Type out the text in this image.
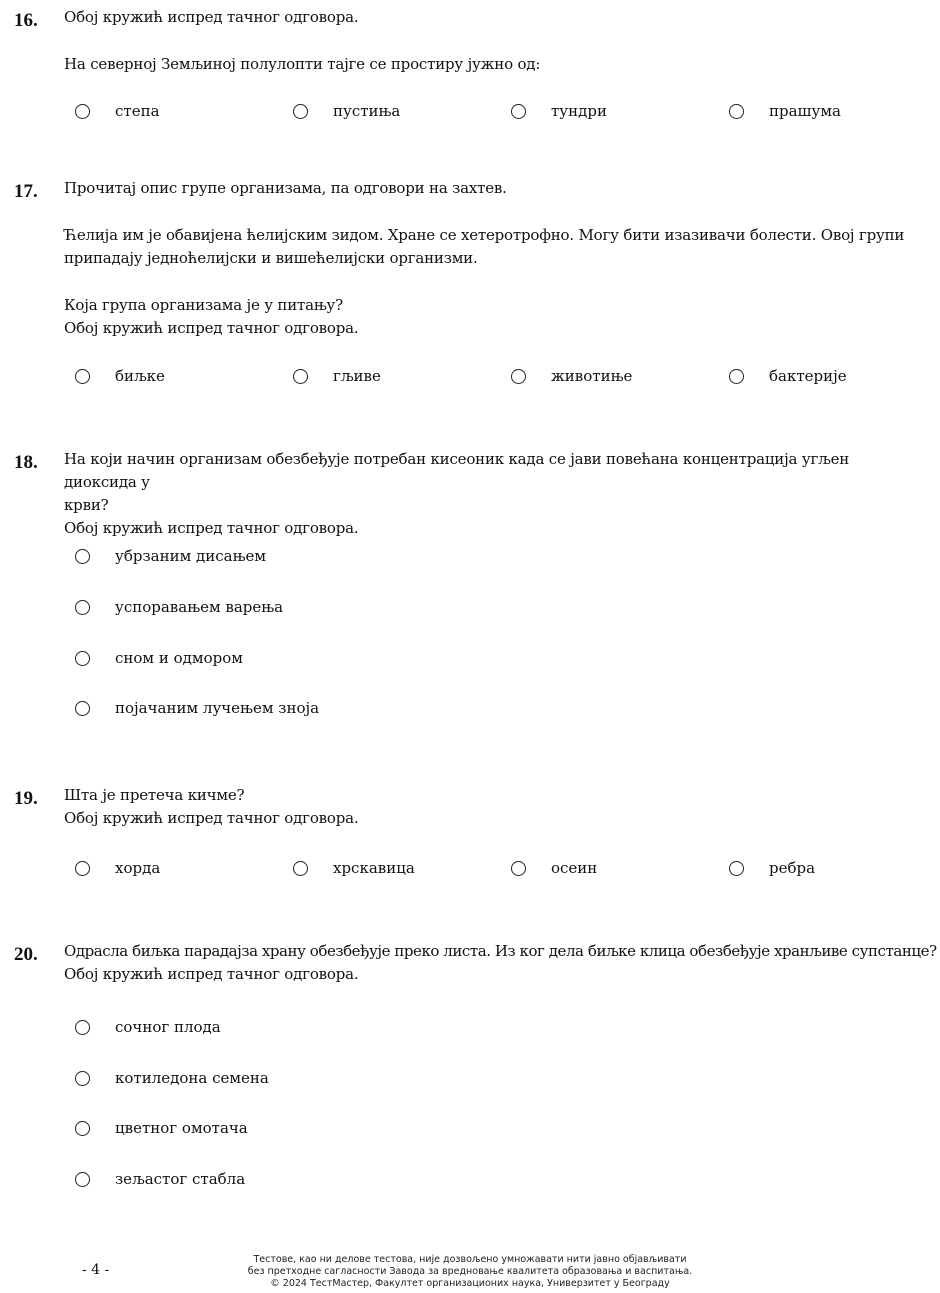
16. Обој кружић испред тачног одговора.
На северној Земљиној полулопти тајге се простиру јужно од:
степа	пустиња	тундри	прашума
17. Прочитај опис групе организама, па одговори на захтев.
Ћелија им је обавијена ћелијским зидом. Хране се хетеротрофно. Могу бити изазивачи болести. Овој групи
припадају једноћелијски и вишећелијски организми.
Која група организама је у питању?
Обој кружић испред тачног одговора.
биљке	гљиве	животиње	бактерије
18. На који начин организам обезбеђује потребан кисеоник када се јави повећана концентрација угљен диоксида у
крви?
Обој кружић испред тачног одговора.
убрзаним дисањем
успоравањем варења
сном и одмором
појачаним лучењем зноја
19. Шта је претеча кичме?
Обој кружић испред тачног одговора.
хорда	хрскавица	осеин	ребра
20. Одрасла биљка парадајза храну обезбеђује преко листа. Из ког дела биљке клица обезбеђује хранљиве супстанце?
Обој кружић испред тачног одговора.
сочног плода
котиледона семена
цветног омотача
зељастог стабла
- 4 -
Тестове, као ни делове тестова, није дозвољено умножавати нити јавно објављивати
без претходне сагласности Завода за вредновање квалитета образовања и васпитања.
© 2024 ТестМастер, Факултет организационих наука, Универзитет у Београду
